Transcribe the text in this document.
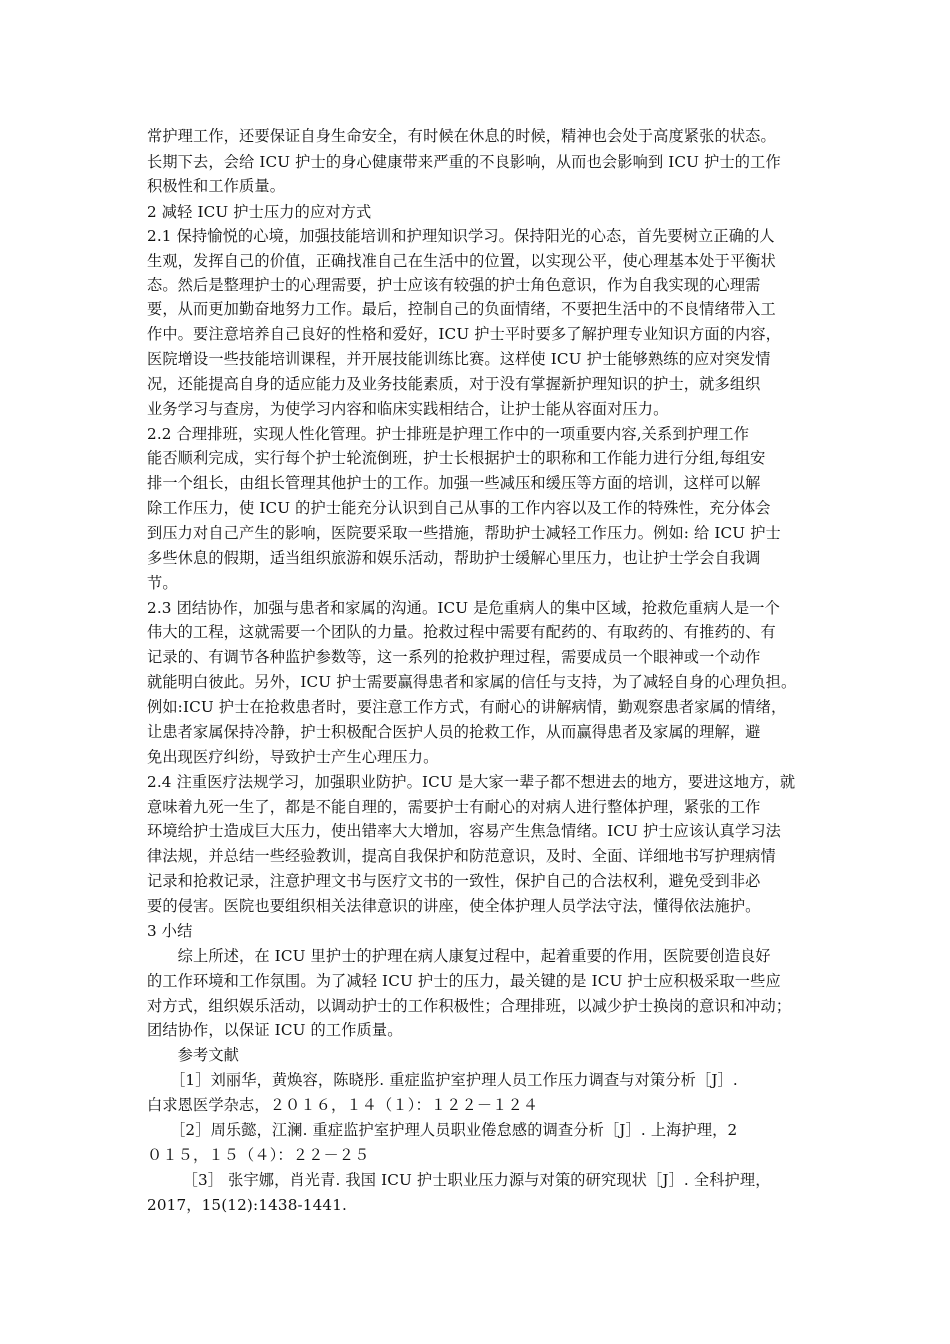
常护理工作，还要保证自身生命安全，有时候在休息的时候，精神也会处于高度紧张的状态。
长期下去，会给 ICU 护士的身心健康带来严重的不良影响，从而也会影响到 ICU 护士的工作
积极性和工作质量。
2 减轻 ICU 护士压力的应对方式
2.1 保持愉悦的心境，加强技能培训和护理知识学习。保持阳光的心态，首先要树立正确的人
生观，发挥自己的价值，正确找准自己在生活中的位置，以实现公平，使心理基本处于平衡状
态。然后是整理护士的心理需要，护士应该有较强的护士角色意识，作为自我实现的心理需
要，从而更加勤奋地努力工作。最后，控制自己的负面情绪，不要把生活中的不良情绪带入工
作中。要注意培养自己良好的性格和爱好，ICU 护士平时要多了解护理专业知识方面的内容，
医院增设一些技能培训课程，并开展技能训练比赛。这样使 ICU 护士能够熟练的应对突发情
况，还能提高自身的适应能力及业务技能素质，对于没有掌握新护理知识的护士，就多组织
业务学习与查房，为使学习内容和临床实践相结合，让护士能从容面对压力。
2.2 合理排班，实现人性化管理。护士排班是护理工作中的一项重要内容,关系到护理工作
能否顺利完成，实行每个护士轮流倒班，护士长根据护士的职称和工作能力进行分组,每组安
排一个组长，由组长管理其他护士的工作。加强一些减压和缓压等方面的培训，这样可以解
除工作压力，使 ICU 的护士能充分认识到自己从事的工作内容以及工作的特殊性，充分体会
到压力对自己产生的影响，医院要采取一些措施，帮助护士减轻工作压力。例如: 给 ICU 护士
多些休息的假期，适当组织旅游和娱乐活动，帮助护士缓解心里压力，也让护士学会自我调
节。
2.3 团结协作，加强与患者和家属的沟通。ICU 是危重病人的集中区域，抢救危重病人是一个
伟大的工程，这就需要一个团队的力量。抢救过程中需要有配药的、有取药的、有推药的、有
记录的、有调节各种监护参数等，这一系列的抢救护理过程，需要成员一个眼神或一个动作
就能明白彼此。另外，ICU 护士需要赢得患者和家属的信任与支持，为了减轻自身的心理负担。
例如:ICU 护士在抢救患者时，要注意工作方式，有耐心的讲解病情，勤观察患者家属的情绪，
让患者家属保持冷静，护士积极配合医护人员的抢救工作，从而赢得患者及家属的理解，避
免出现医疗纠纷，导致护士产生心理压力。
2.4 注重医疗法规学习，加强职业防护。ICU 是大家一辈子都不想进去的地方，要进这地方，就
意味着九死一生了，都是不能自理的，需要护士有耐心的对病人进行整体护理，紧张的工作
环境给护士造成巨大压力，使出错率大大增加，容易产生焦急情绪。ICU 护士应该认真学习法
律法规，并总结一些经验教训，提高自我保护和防范意识，及时、全面、详细地书写护理病情
记录和抢救记录，注意护理文书与医疗文书的一致性，保护自己的合法权利，避免受到非必
要的侵害。医院也要组织相关法律意识的讲座，使全体护理人员学法守法，懂得依法施护。
3 小结
　　综上所述，在 ICU 里护士的护理在病人康复过程中，起着重要的作用，医院要创造良好
的工作环境和工作氛围。为了减轻 ICU 护士的压力，最关键的是 ICU 护士应积极采取一些应
对方式，组织娱乐活动，以调动护士的工作积极性；合理排班，以减少护士换岗的意识和冲动；
团结协作，以保证 ICU 的工作质量。
　　参考文献
　　［1］刘丽华，黄焕容，陈晓彤. 重症监护室护理人员工作压力调查与对策分析［J］.
白求恩医学杂志，２０１６，１４（１）：１２２－１２４
　　［2］周乐懿，江澜. 重症监护室护理人员职业倦怠感的调查分析［J］. 上海护理，2
０１５，１５（４）：２２－２５
　　 ［3］ 张宇娜，肖光青. 我国 ICU 护士职业压力源与对策的研究现状［J］. 全科护理，
2017，15(12):1438-1441.
